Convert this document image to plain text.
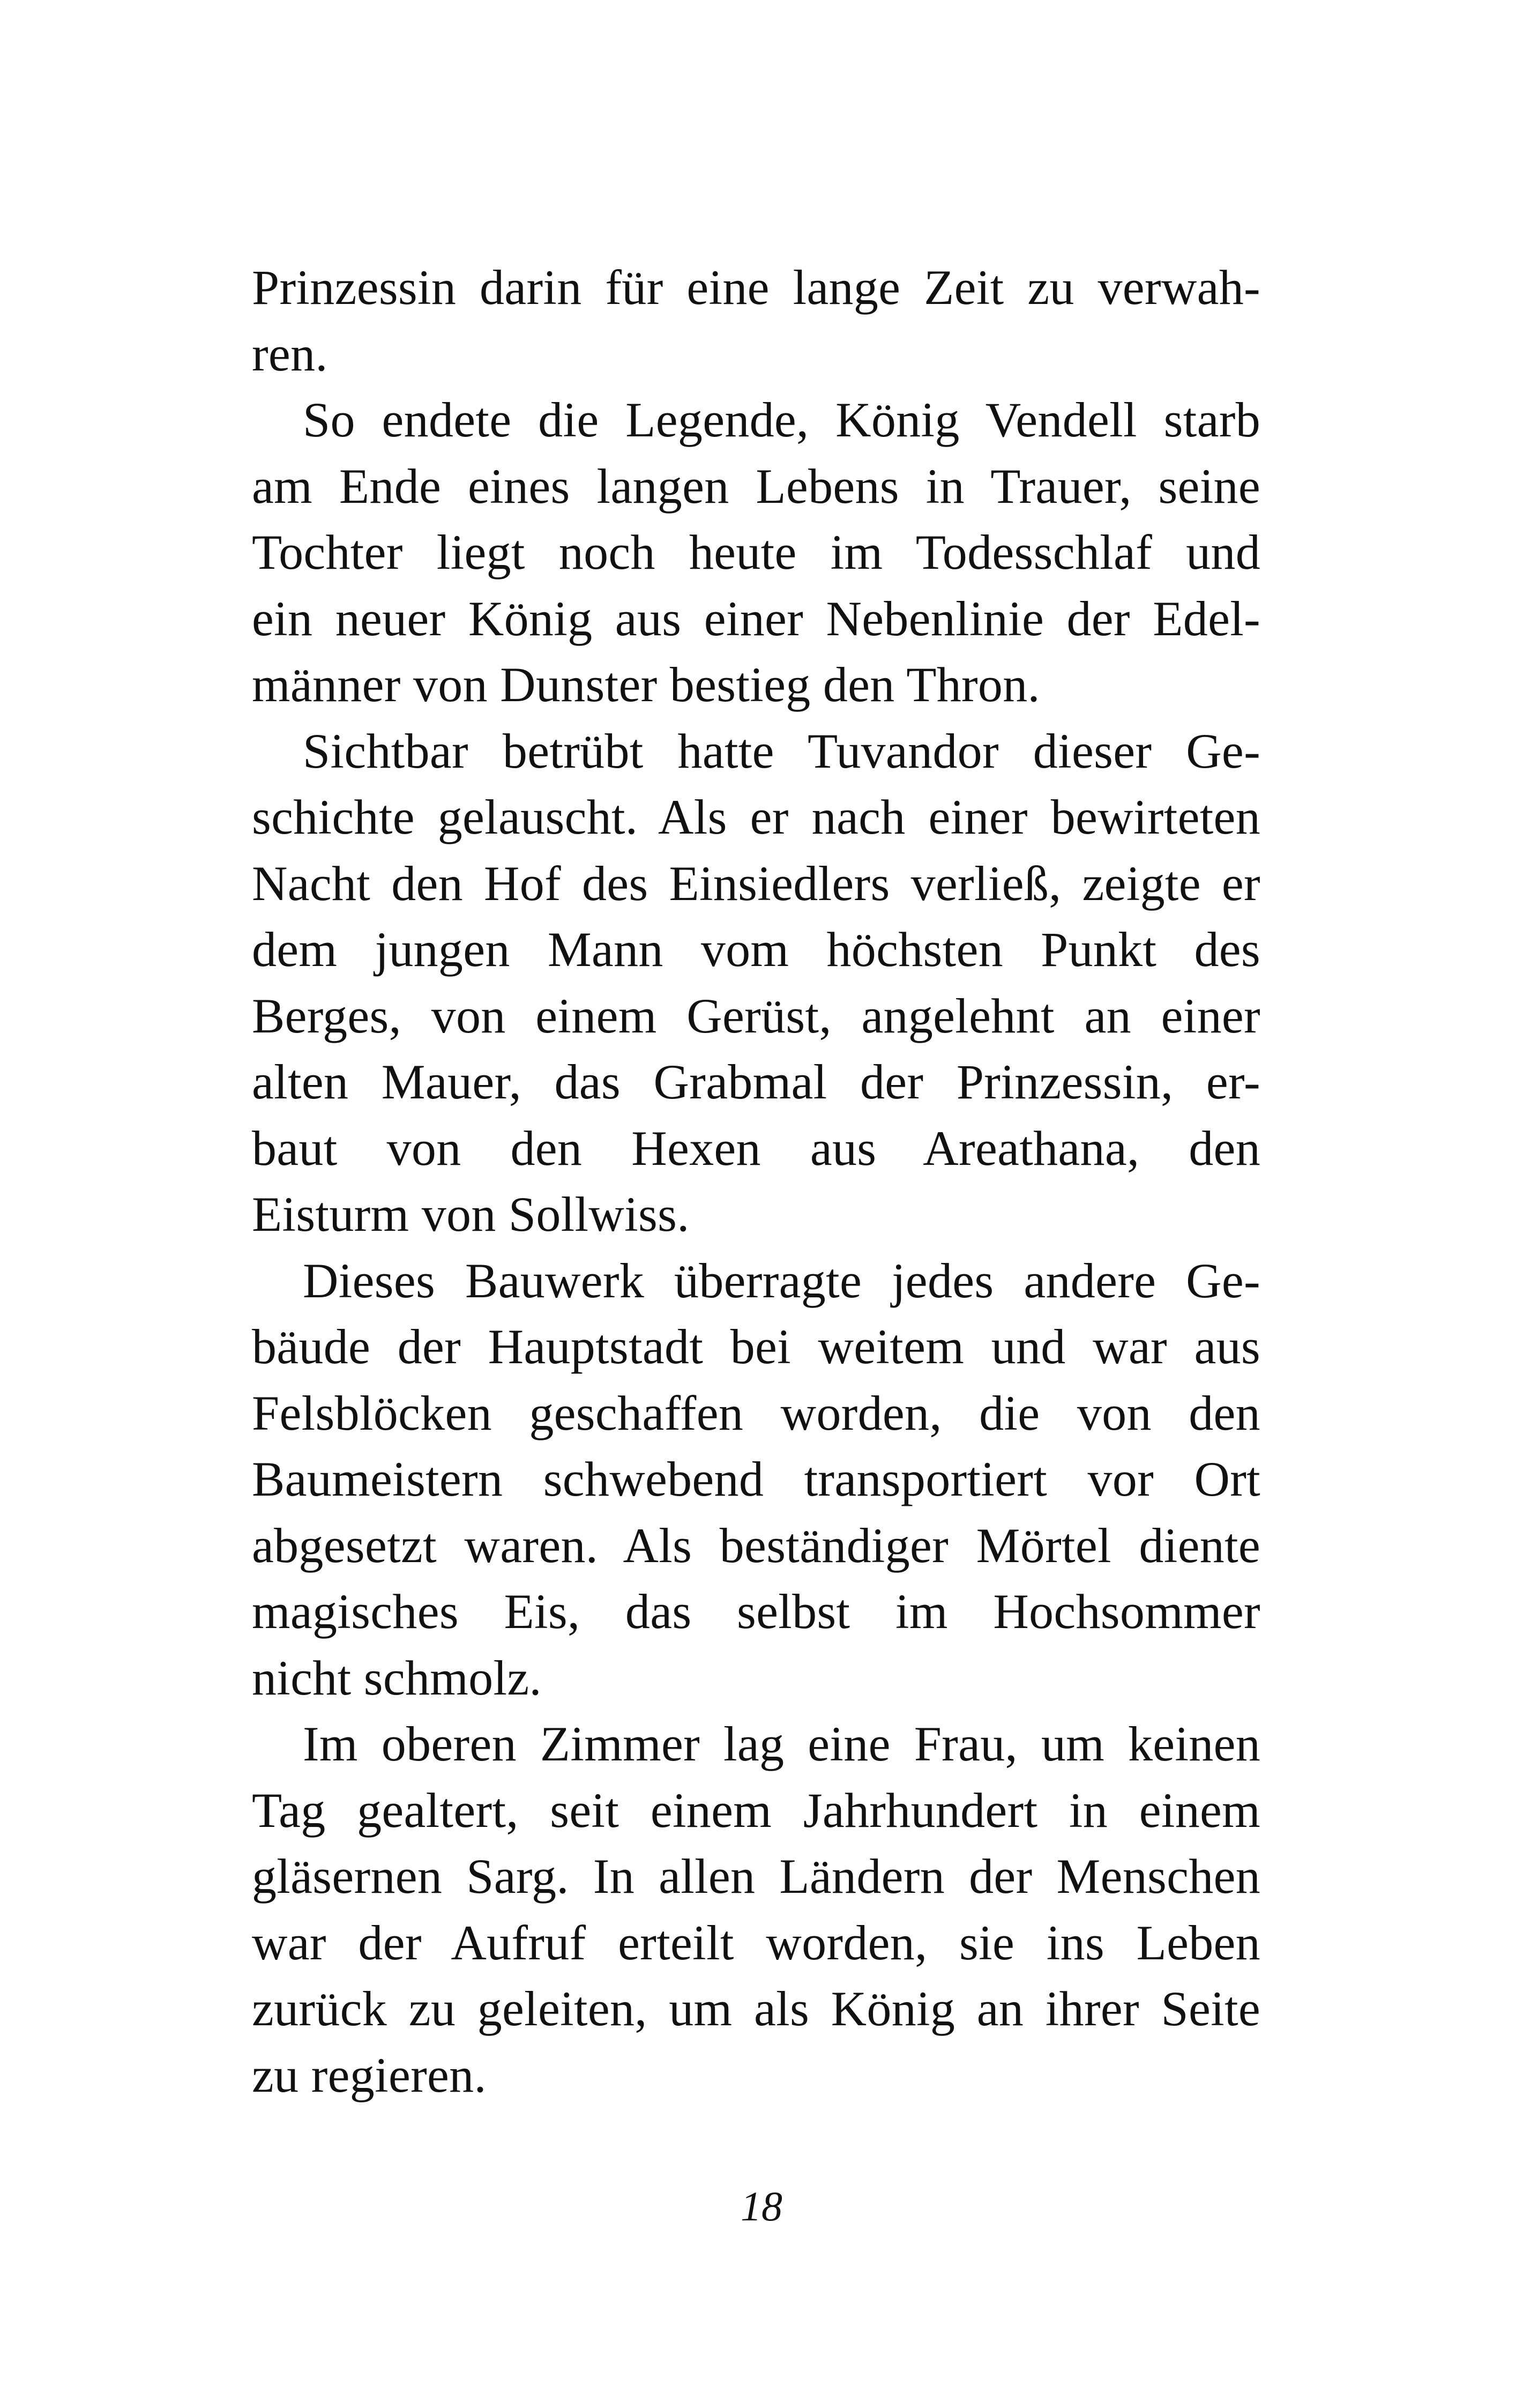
Prinzessin darin für eine lange Zeit zu verwah-
ren.
So endete die Legende, König Vendell starb
am Ende eines langen Lebens in Trauer, seine
Tochter liegt noch heute im Todesschlaf und
ein neuer König aus einer Nebenlinie der Edel-
männer von Dunster bestieg den Thron.
Sichtbar betrübt hatte Tuvandor dieser Ge-
schichte gelauscht. Als er nach einer bewirteten
Nacht den Hof des Einsiedlers verließ, zeigte er
dem jungen Mann vom höchsten Punkt des
Berges, von einem Gerüst, angelehnt an einer
alten Mauer, das Grabmal der Prinzessin, er-
baut von den Hexen aus Areathana, den
Eisturm von Sollwiss.
Dieses Bauwerk überragte jedes andere Ge-
bäude der Hauptstadt bei weitem und war aus
Felsblöcken geschaffen worden, die von den
Baumeistern schwebend transportiert vor Ort
abgesetzt waren. Als beständiger Mörtel diente
magisches Eis, das selbst im Hochsommer
nicht schmolz.
Im oberen Zimmer lag eine Frau, um keinen
Tag gealtert, seit einem Jahrhundert in einem
gläsernen Sarg. In allen Ländern der Menschen
war der Aufruf erteilt worden, sie ins Leben
zurück zu geleiten, um als König an ihrer Seite
zu regieren.
18
